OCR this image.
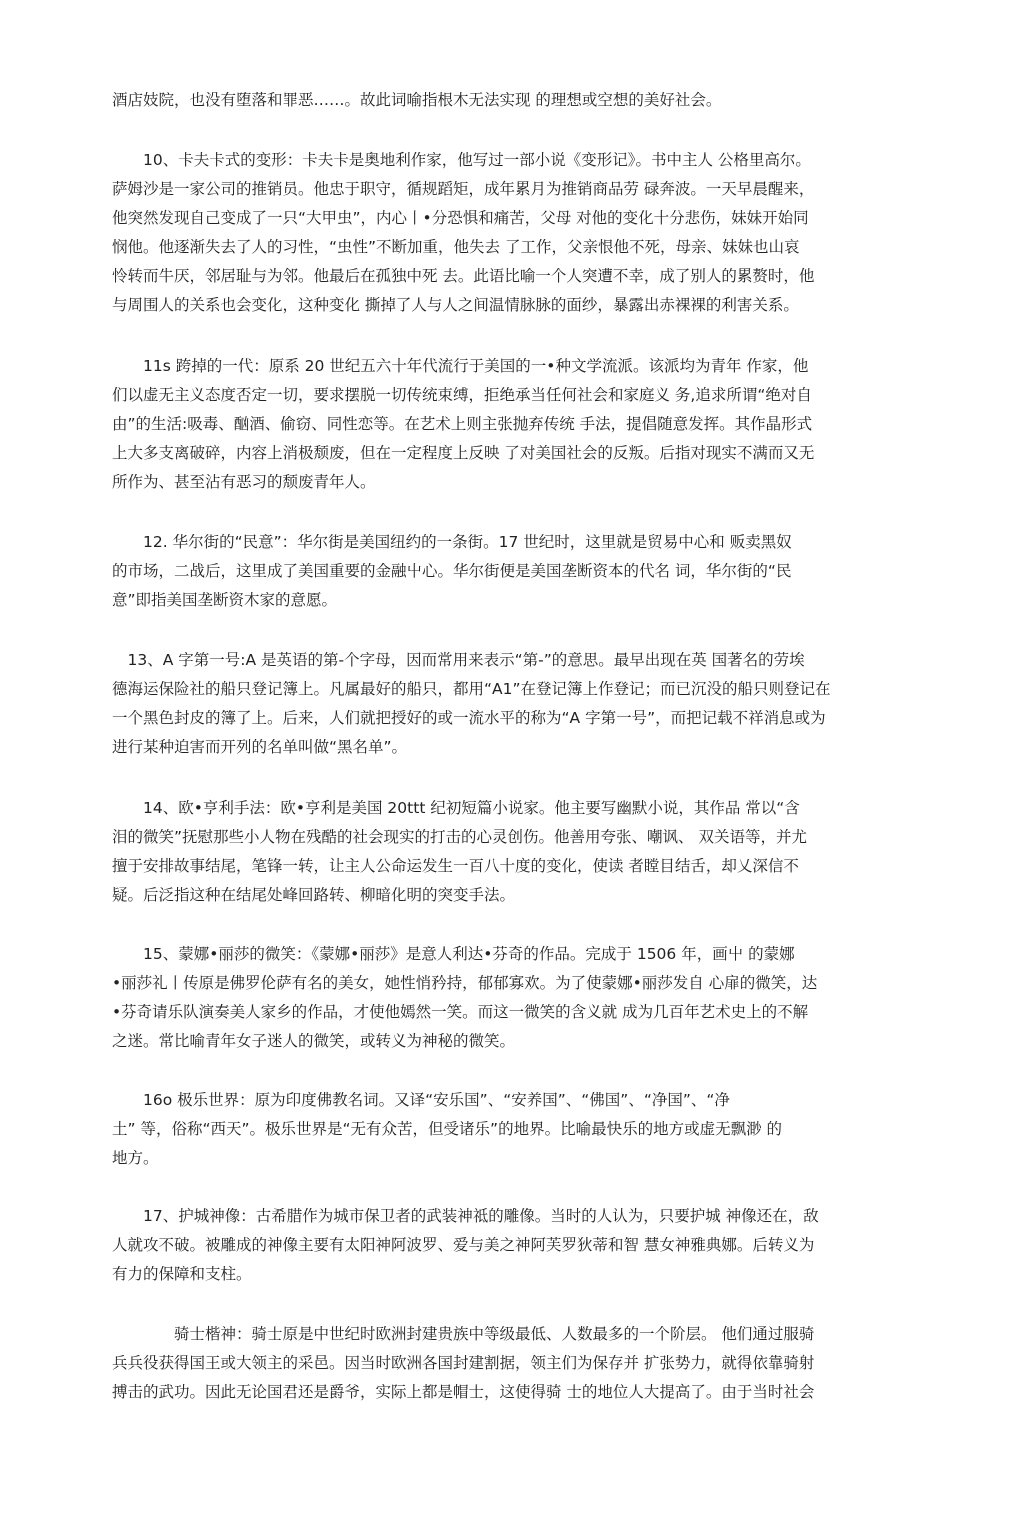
酒店妓院，也没有堕落和罪恶……。故此词喻指根木无法实现 的理想或空想的美好社会。
　　10、卡夫卡式的变形：卡夫卡是奥地利作家，他写过一部小说《变形记》。书中主人 公格里高尔。
萨姆沙是一家公司的推销员。他忠于职守，循规蹈矩，成年累月为推销商品劳 碌奔波。一天早晨醒来，
他突然发现自己变成了一只“大甲虫”，内心丨•分恐惧和痛苦，父母 对他的变化十分悲伤，妹妹开始同
悯他。他逐渐失去了人的习性，“虫性”不断加重，他失去 了工作，父亲恨他不死，母亲、妹妹也山哀
怜转而牛厌，邻居耻与为邻。他最后在孤独中死 去。此语比喻一个人突遭不幸，成了别人的累赘时，他
与周围人的关系也会变化，这种变化 撕掉了人与人之间温情脉脉的面纱，暴露出赤裸裸的利害关系。
　　11s 跨掉的一代：原系 20 世纪五六十年代流行于美国的一•种文学流派。该派均为青年 作家，他
们以虚无主义态度否定一切，要求摆脱一切传统束缚，拒绝承当任何社会和家庭义 务,追求所谓“绝对自
由”的生活:吸毒、酗酒、偷窃、同性恋等。在艺术上则主张抛弃传统 手法，提倡随意发挥。其作晶形式
上大多支离破碎，内容上消极颓废，但在一定程度上反映 了对美国社会的反叛。后指对现实不满而又无
所作为、甚至沾有恶习的颓废青年人。
　　12. 华尔街的“民意”：华尔街是美国纽约的一条街。17 世纪时，这里就是贸易中心和 贩卖黑奴
的市场，二战后，这里成了美国重要的金融屮心。华尔街便是美国垄断资本的代名 词，华尔街的“民
意”即指美国垄断资木家的意愿。
　13、A 字第一号:A 是英语的第-个字母，因而常用来表示“第-”的意思。最早出现在英 国著名的劳埃
德海运保险社的船只登记簿上。凡属最好的船只，都用“A1”在登记簿上作登记；而已沉没的船只则登记在
一个黑色封皮的簿了上。后来，人们就把授好的或一流水平的称为“A 字第一号”，而把记载不祥消息或为
进行某种迫害而开列的名单叫做“黑名单”。
　　14、欧•亨利手法：欧•亨利是美国 20ttt 纪初短篇小说家。他主要写幽默小说，其作品 常以“含
泪的微笑”抚慰那些小人物在残酷的社会现实的打击的心灵创伤。他善用夸张、嘲讽、 双关语等，并尤
擅于安排故事结尾，笔锋一转，让主人公命运发生一百八十度的变化，使读 者瞠目结舌，却乂深信不
疑。后泛指这种在结尾处峰回路转、柳暗化明的突变手法。
　　15、蒙娜•丽莎的微笑：《蒙娜•丽莎》是意人利达•芬奇的作品。完成于 1506 年，画屮 的蒙娜
•丽莎礼丨传原是佛罗伦萨有名的美女，她性悄矜持，郁郁寡欢。为了使蒙娜•丽莎发自 心扉的微笑，达
•芬奇请乐队演奏美人家乡的作品，才使他嫣然一笑。而这一微笑的含义就 成为几百年艺术史上的不解
之迷。常比喻青年女子迷人的微笑，或转义为神秘的微笑。
　　16o 极乐世界：原为印度佛教名词。又译“安乐国”、“安养国”、“佛国”、“净国”、“净
土” 等，俗称“西天”。极乐世界是“无有众苦，但受诸乐”的地界。比喻最快乐的地方或虚无飘渺 的
地方。
　　17、护城神像：古希腊作为城市保卫者的武装神祗的雕像。当时的人认为，只要护城 神像还在，敌
人就攻不破。被雕成的神像主要有太阳神阿波罗、爱与美之神阿芙罗狄蒂和智 慧女神雅典娜。后转义为
有力的保障和支柱。
　　　　骑士楷神：骑士原是中世纪时欧洲封建贵族中等级最低、人数最多的一个阶层。 他们通过服骑
兵兵役获得国王或大领主的采邑。因当时欧洲各国封建割据，领主们为保存并 扩张势力，就得依靠骑射
搏击的武功。因此无论国君还是爵爷，实际上都是帽士，这使得骑 士的地位人大提高了。由于当时社会
